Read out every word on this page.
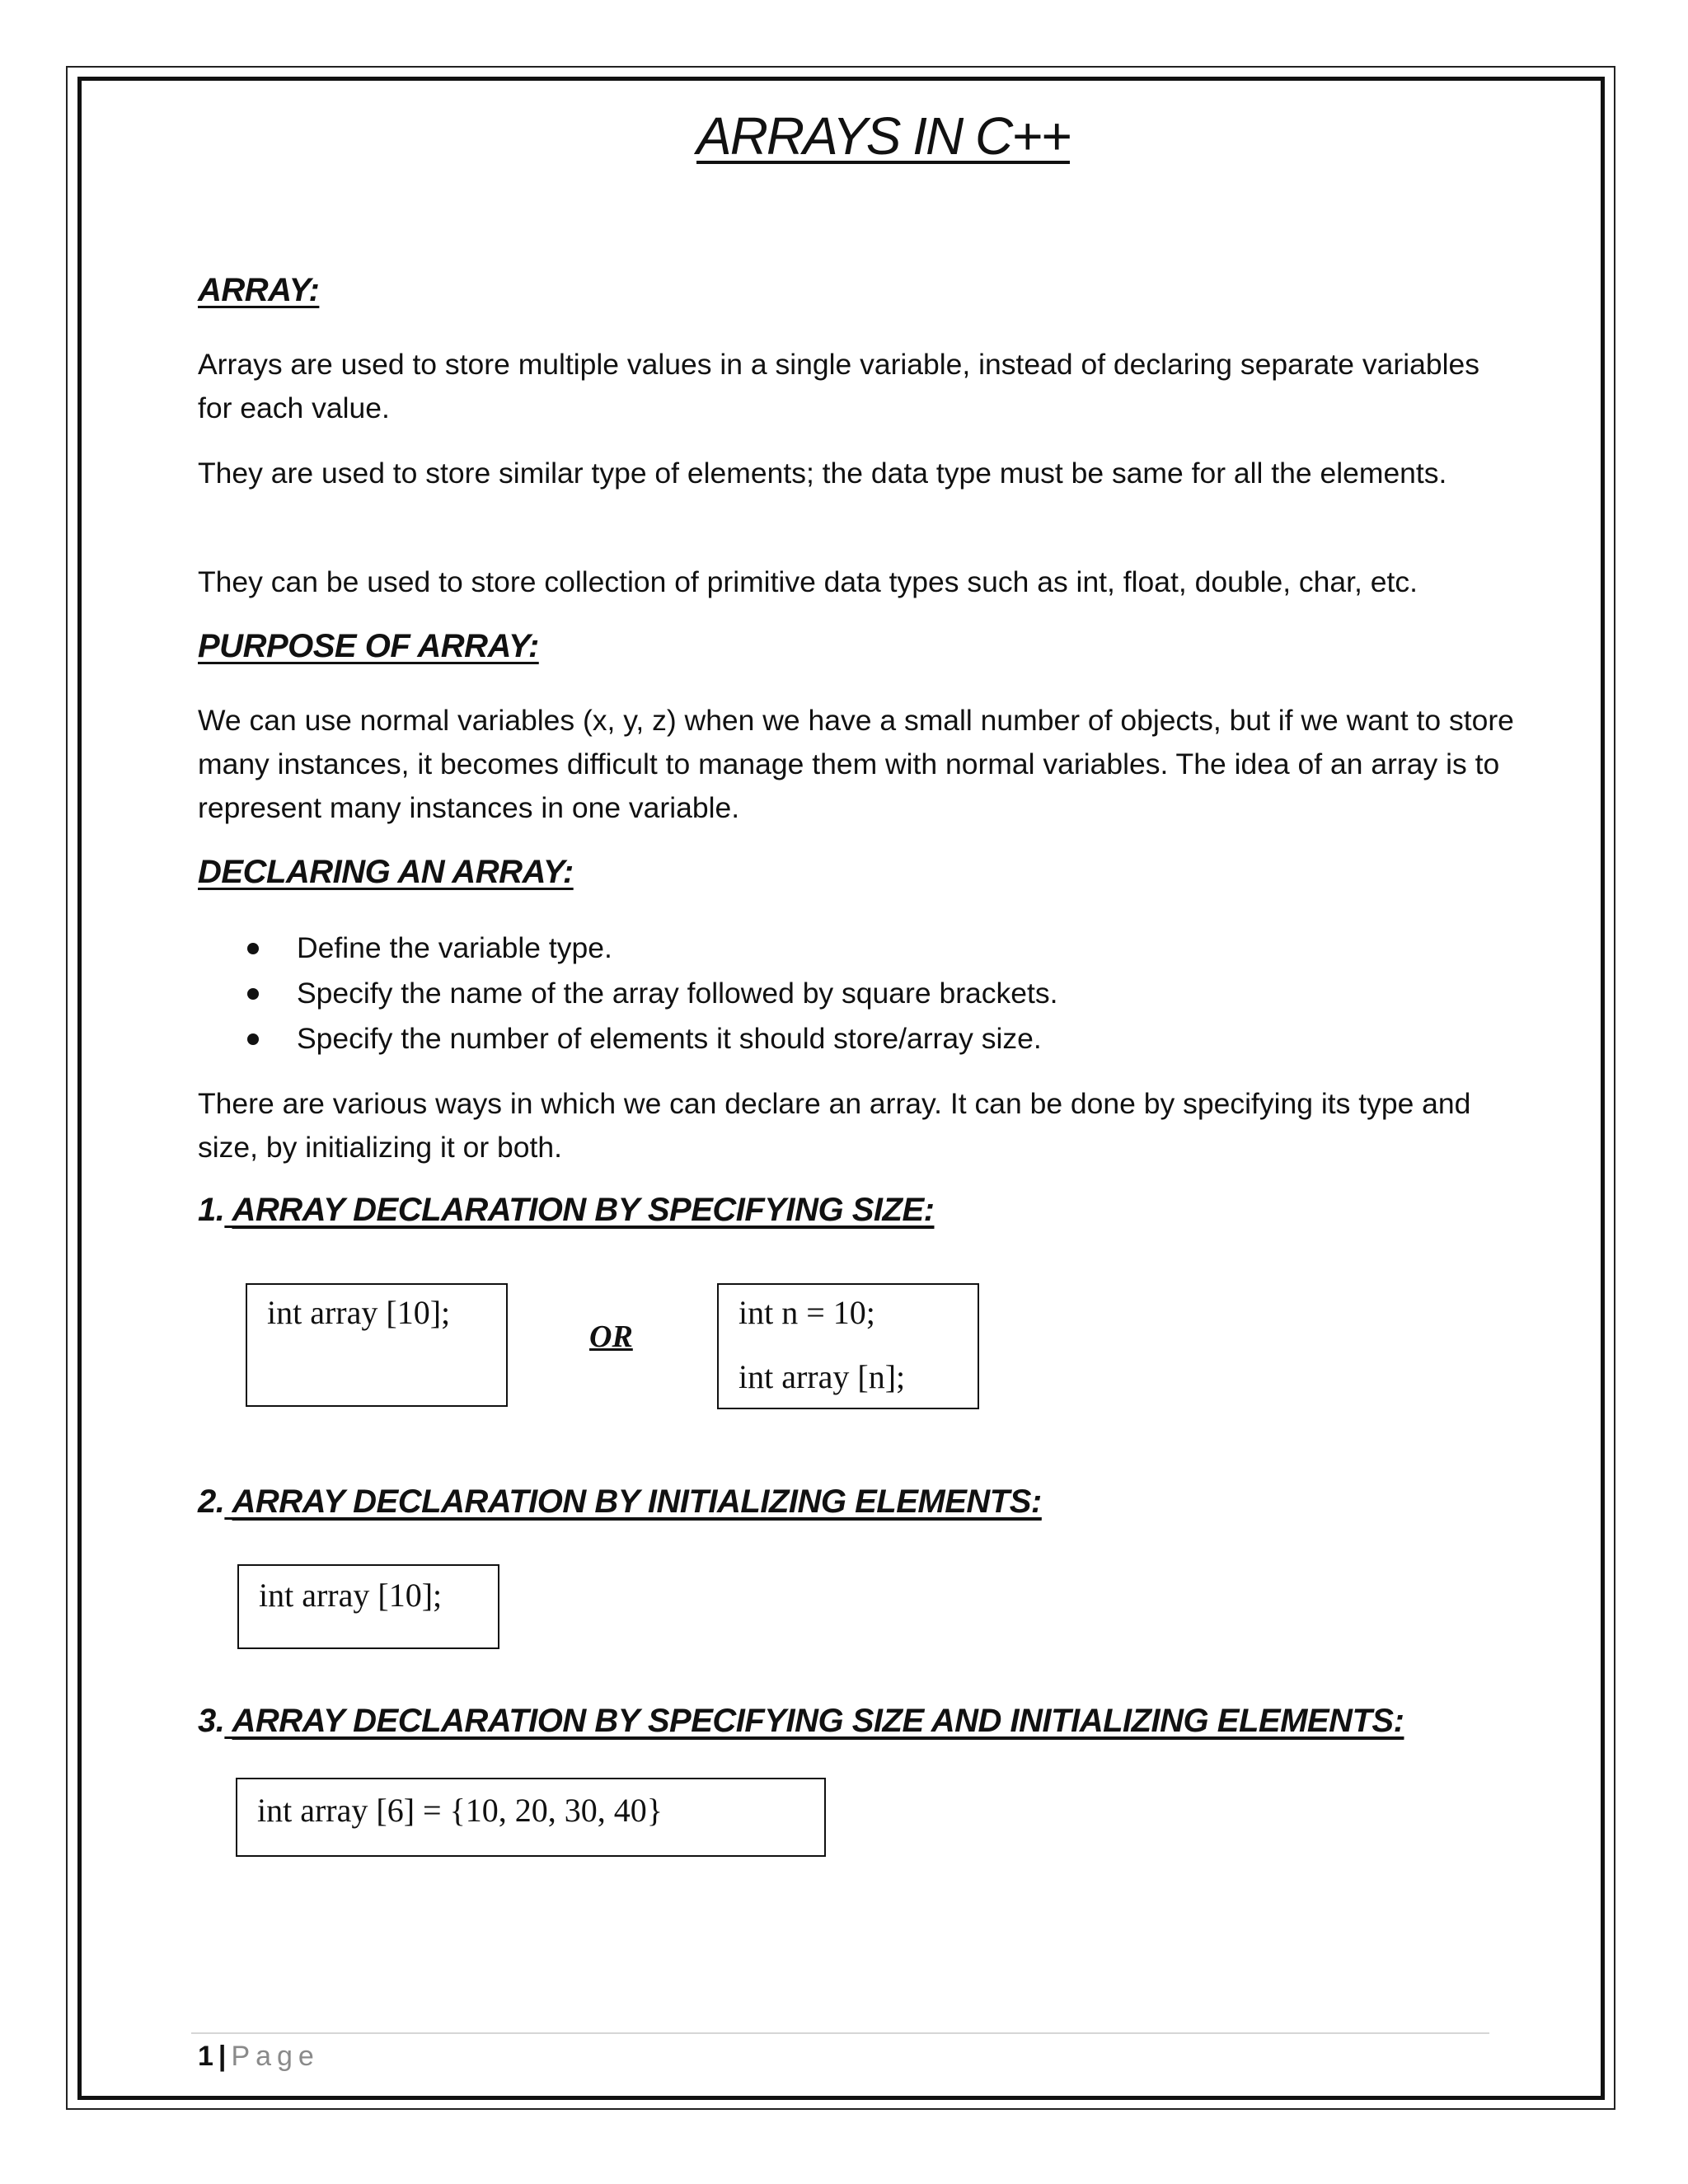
ARRAYS IN C++
ARRAY:
Arrays are used to store multiple values in a single variable, instead of declaring separate variables for each value.
They are used to store similar type of elements; the data type must be same for all the elements.
They can be used to store collection of primitive data types such as int, float, double, char, etc.
PURPOSE OF ARRAY:
We can use normal variables (x, y, z) when we have a small number of objects, but if we want to store many instances, it becomes difficult to manage them with normal variables. The idea of an array is to represent many instances in one variable.
DECLARING AN ARRAY:
Define the variable type.
Specify the name of the array followed by square brackets.
Specify the number of elements it should store/array size.
There are various ways in which we can declare an array. It can be done by specifying its type and size, by initializing it or both.
1. ARRAY DECLARATION BY SPECIFYING SIZE:
int array [10];
OR
int n = 10;
int array [n];
2. ARRAY DECLARATION BY INITIALIZING ELEMENTS:
int array [10];
3. ARRAY DECLARATION BY SPECIFYING SIZE AND INITIALIZING ELEMENTS:
int array [6] = {10, 20, 30, 40}
1 | Page
